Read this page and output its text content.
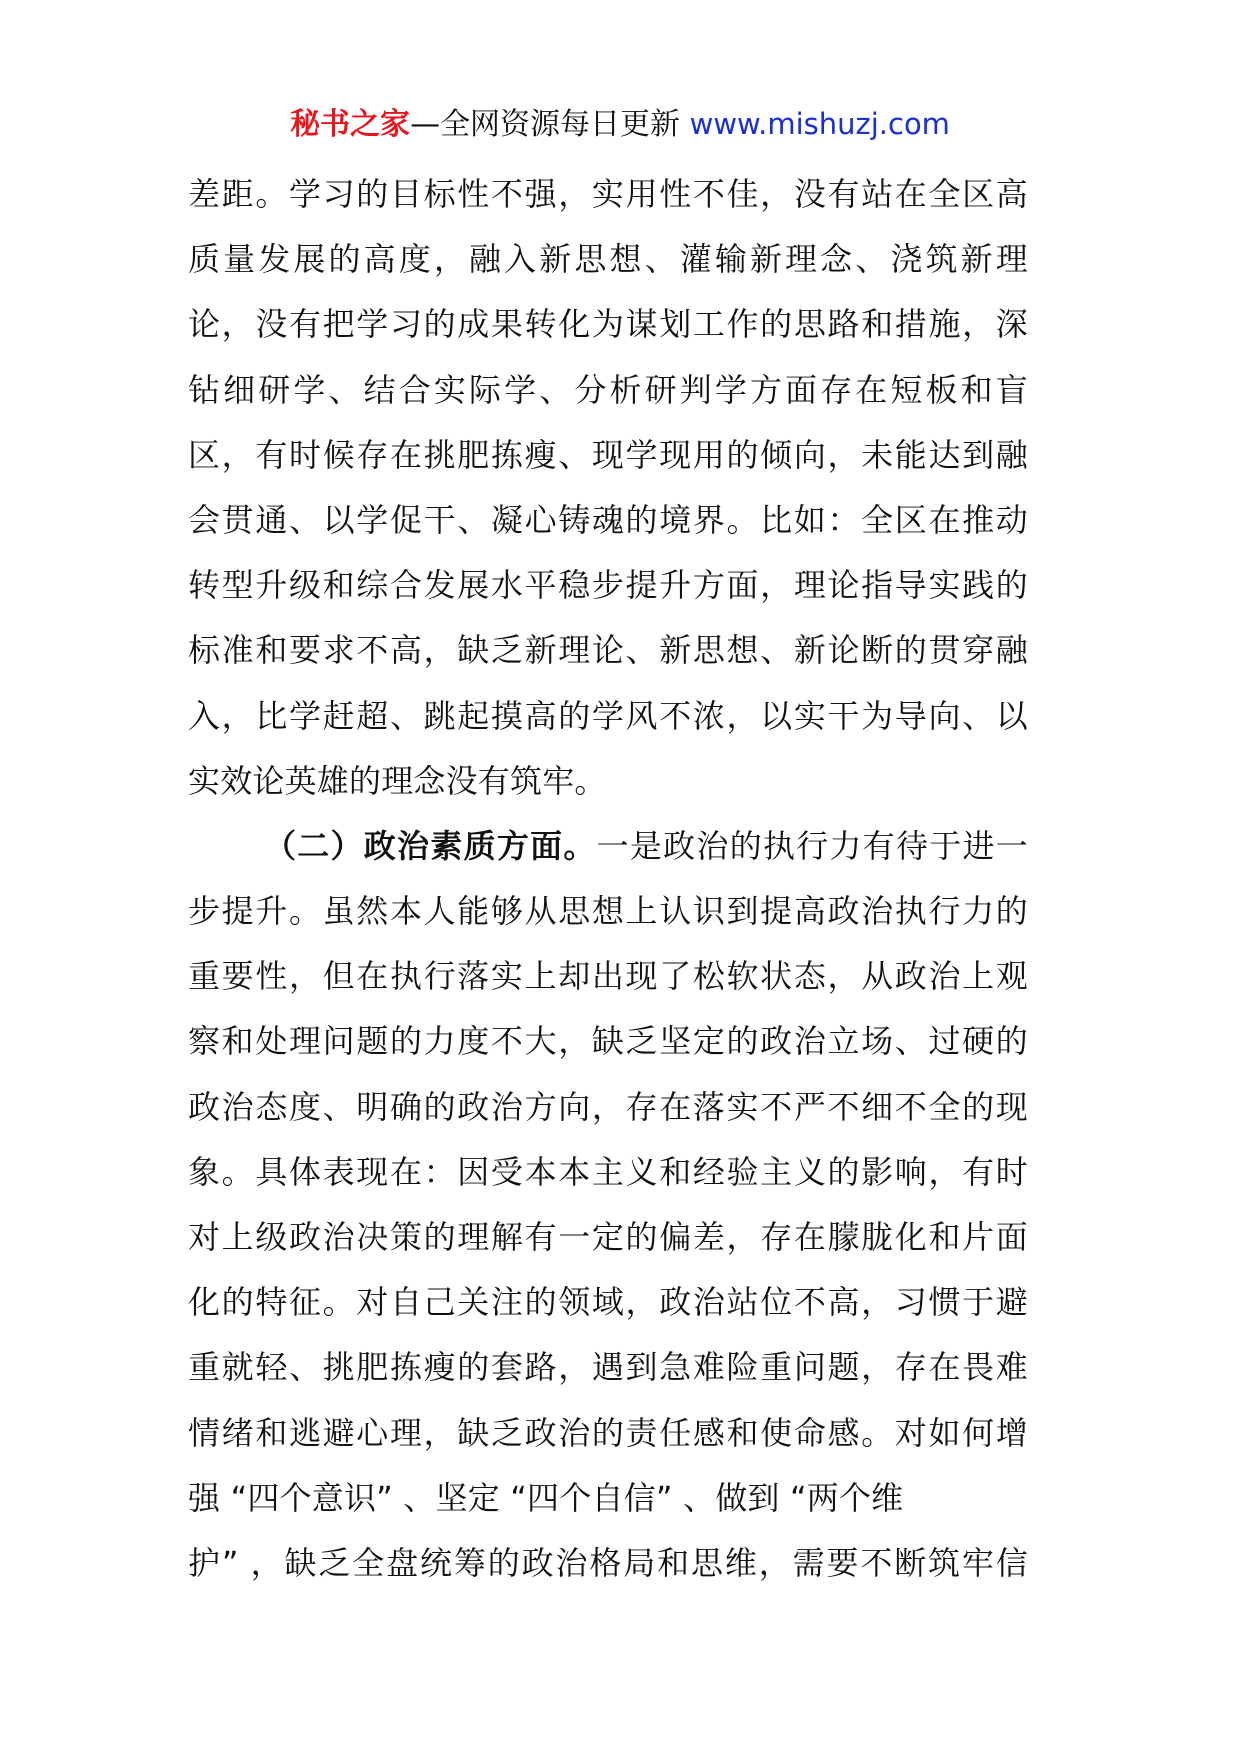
秘书之家—全网资源每日更新 www.mishuzj.com
差距。学习的目标性不强，实用性不佳，没有站在全区高
质量发展的高度，融入新思想、灌输新理念、浇筑新理
论，没有把学习的成果转化为谋划工作的思路和措施，深
钻细研学、结合实际学、分析研判学方面存在短板和盲
区，有时候存在挑肥拣瘦、现学现用的倾向，未能达到融
会贯通、以学促干、凝心铸魂的境界。比如：全区在推动
转型升级和综合发展水平稳步提升方面，理论指导实践的
标准和要求不高，缺乏新理论、新思想、新论断的贯穿融
入，比学赶超、跳起摸高的学风不浓，以实干为导向、以
实效论英雄的理念没有筑牢。
（二）政治素质方面。一是政治的执行力有待于进一
步提升。虽然本人能够从思想上认识到提高政治执行力的
重要性，但在执行落实上却出现了松软状态，从政治上观
察和处理问题的力度不大，缺乏坚定的政治立场、过硬的
政治态度、明确的政治方向，存在落实不严不细不全的现
象。具体表现在：因受本本主义和经验主义的影响，有时
对上级政治决策的理解有一定的偏差，存在朦胧化和片面
化的特征。对自己关注的领域，政治站位不高，习惯于避
重就轻、挑肥拣瘦的套路，遇到急难险重问题，存在畏难
情绪和逃避心理，缺乏政治的责任感和使命感。对如何增
强 “四个意识” 、坚定 “四个自信” 、做到 “两个维
护” ，缺乏全盘统筹的政治格局和思维，需要不断筑牢信
